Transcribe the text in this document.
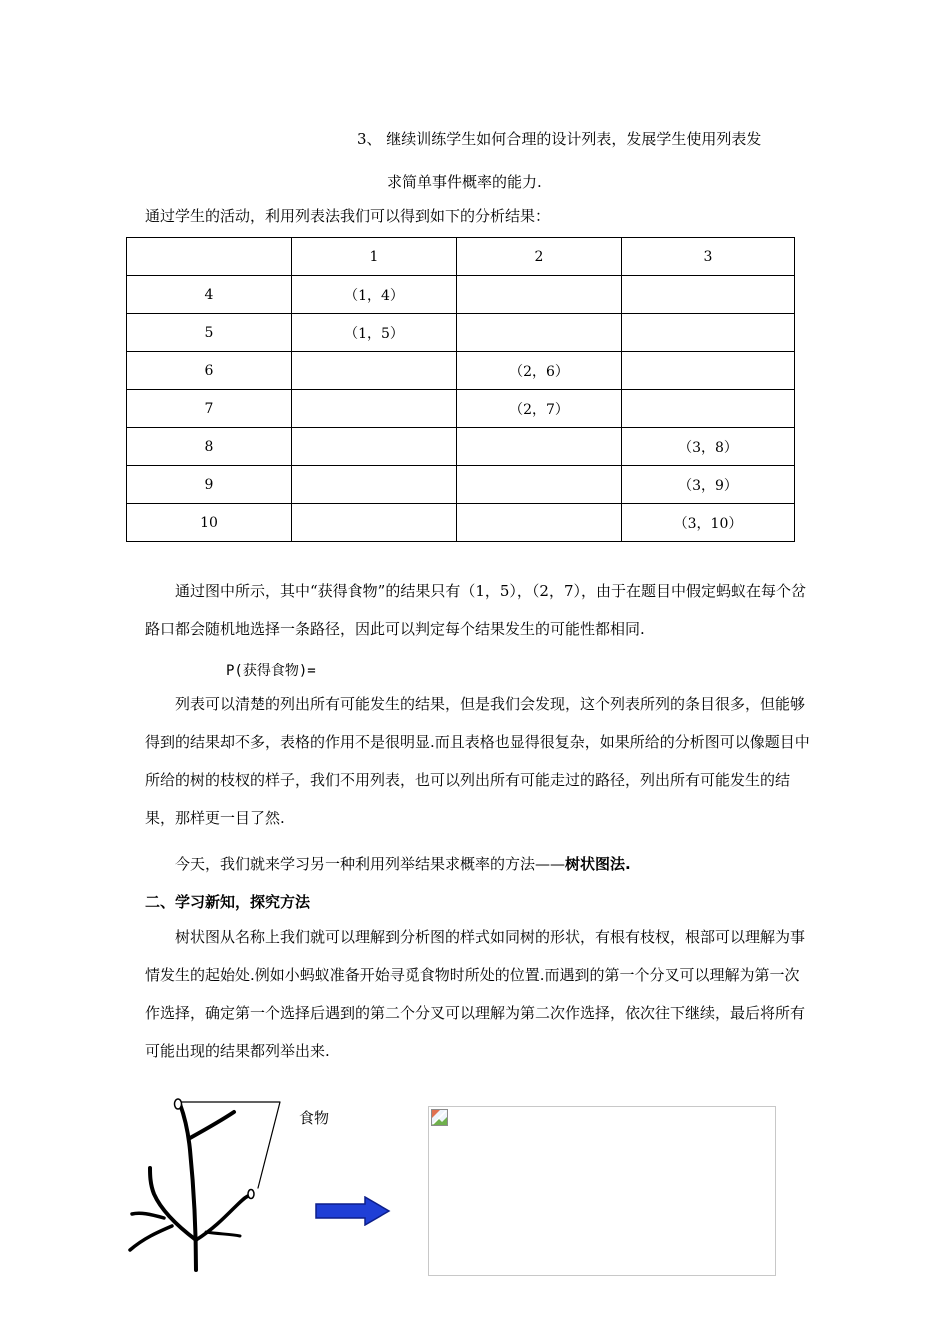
3、 继续训练学生如何合理的设计列表，发展学生使用列表发
求简单事件概率的能力.
通过学生的活动，利用列表法我们可以得到如下的分析结果：
	1	2	3
4	（1，4）		
5	（1，5）		
6		（2，6）	
7		（2，7）	
8			（3，8）
9			（3，9）
10			（3，10）
通过图中所示，其中“获得食物”的结果只有（1，5），（2，7），由于在题目中假定蚂蚁在每个岔路口都会随机地选择一条路径，因此可以判定每个结果发生的可能性都相同.
P(获得食物)=
列表可以清楚的列出所有可能发生的结果，但是我们会发现，这个列表所列的条目很多，但能够得到的结果却不多，表格的作用不是很明显.而且表格也显得很复杂，如果所给的分析图可以像题目中所给的树的枝杈的样子，我们不用列表，也可以列出所有可能走过的路径，列出所有可能发生的结果，那样更一目了然.
今天，我们就来学习另一种利用列举结果求概率的方法——树状图法.
二、学习新知，探究方法
树状图从名称上我们就可以理解到分析图的样式如同树的形状，有根有枝杈，根部可以理解为事情发生的起始处.例如小蚂蚁准备开始寻觅食物时所处的位置.而遇到的第一个分叉可以理解为第一次作选择，确定第一个选择后遇到的第二个分叉可以理解为第二次作选择，依次往下继续，最后将所有可能出现的结果都列举出来.
食物
